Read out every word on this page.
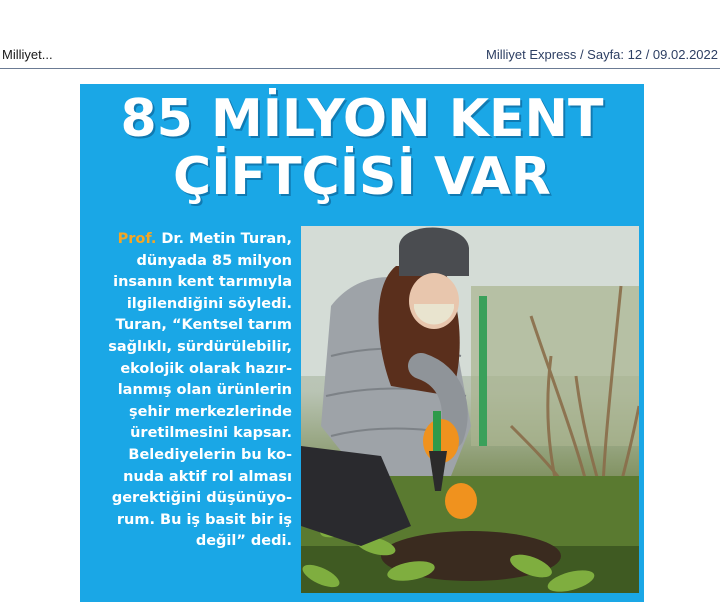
Milliyet...	Milliyet Express / Sayfa: 12 / 09.02.2022
85 MİLYON KENT
ÇİFTÇİSİ VAR
Prof. Dr. Metin Turan,
dünyada 85 milyon
insanın kent tarımıyla
ilgilendiğini söyledi.
Turan, “Kentsel tarım
sağlıklı, sürdürülebilir,
ekolojik olarak hazır-
lanmış olan ürünlerin
şehir merkezlerinde
üretilmesini kapsar.
Belediyelerin bu ko-
nuda aktif rol alması
gerektiğini düşünüyo-
rum. Bu iş basit bir iş
değil” dedi.
